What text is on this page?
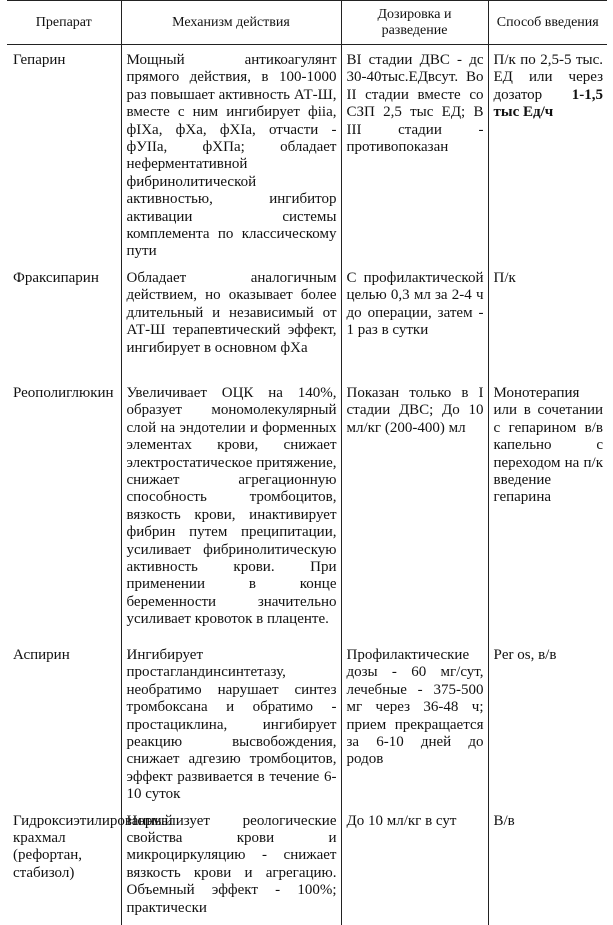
Препарат	Механизм действия	Дозировка и разведение	Способ введения
Гепарин	Мощный антикоагулянт прямого действия, в 100-1000 раз повышает активность АТ-Ш, вместе с ним ингибирует фiia, фIXa, фХа, фХIа, отчасти - фУIIа, фХПа; обладает неферментативной фибринолитической активностью, ингибитор активации системы комплемента по классическому пути	BI стадии ДВС - дс 30-40тыс.ЕДвсут. Во II стадии вместе со СЗП 2,5 тыс ЕД; В III стадии - противопоказан	П/к по 2,5-5 тыс. ЕД или через дозатор 1-1,5 тыс Ед/ч
Фраксипарин	Обладает аналогичным действием, но оказывает более длительный и независимый от АТ-Ш терапевтический эффект, ингибирует в основном фХа	С профилактической целью 0,3 мл за 2-4 ч до операции, затем - 1 раз в сутки	П/к
Реополиглюкин	Увеличивает ОЦК на 140%, образует мономолекулярный слой на эндотелии и форменных элементах крови, снижает электростатическое притяжение, снижает агрегационную способность тромбоцитов, вязкость крови, инактивирует фибрин путем преципитации, усиливает фибринолитическую активность крови. При применении в конце беременности значительно усиливает кровоток в плаценте.	Показан только в I стадии ДВС; До 10 мл/кг (200-400) мл	Монотерапия или в сочетании с гепарином в/в капельно с переходом на п/к введение гепарина
Аспирин	Ингибирует простагландинсинтетазу, необратимо нарушает синтез тромбоксана и обратимо - простациклина, ингибирует реакцию высвобождения, снижает адгезию тромбоцитов, эффект развивается в течение 6-10 суток	Профилактические дозы - 60 мг/сут, лечебные - 375-500 мг через 36-48 ч; прием прекращается за 6-10 дней до родов	Per os, в/в
Гидроксиэтилированный крахмал (рефортан, стабизол)	Нормализует реологические свойства крови и микроциркуляцию - снижает вязкость крови и агрегацию. Объемный эффект - 100%; практически	До 10 мл/кг в сут	В/в
